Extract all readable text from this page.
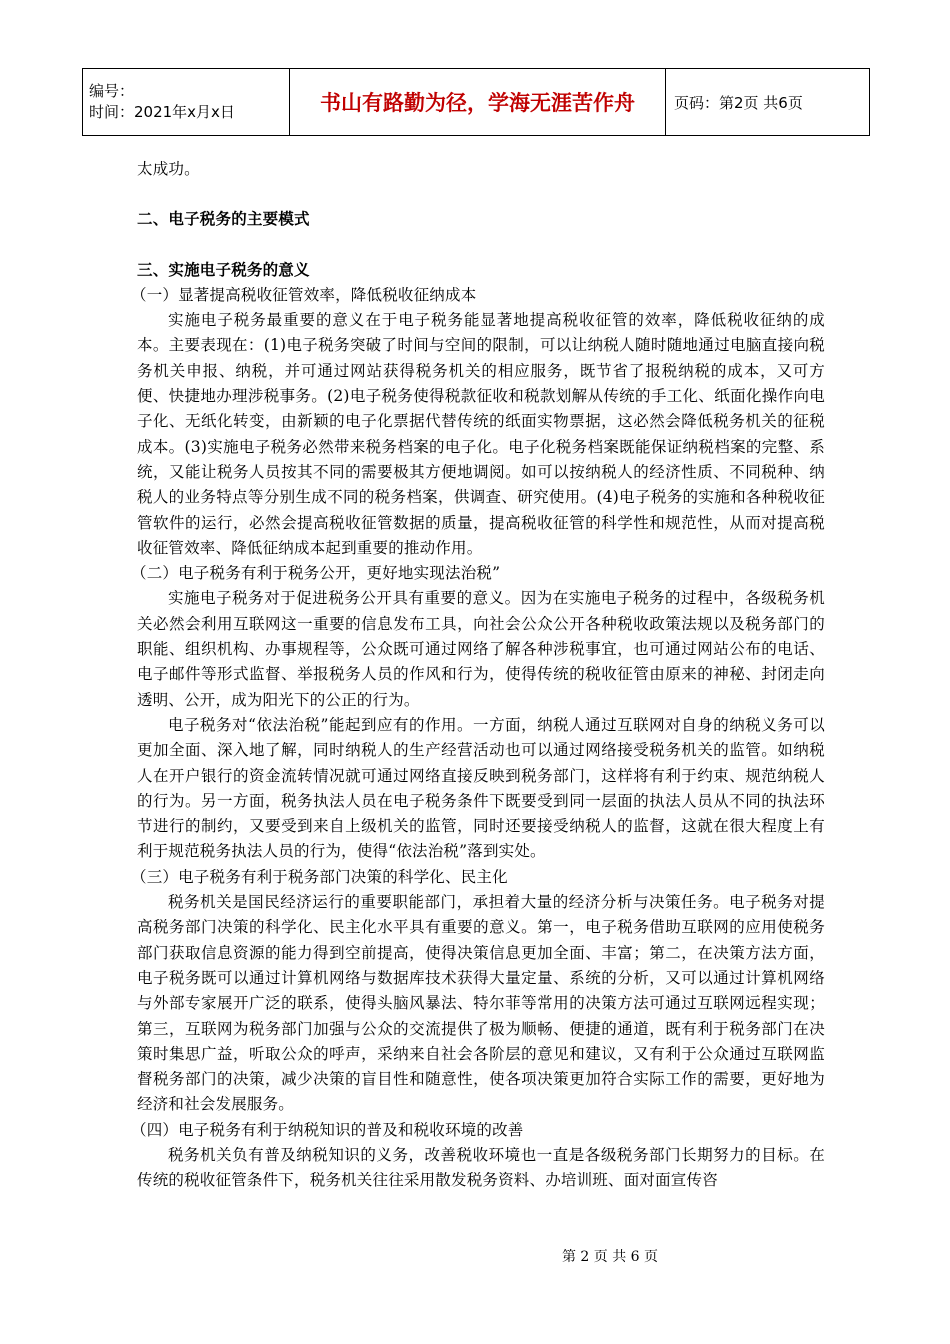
编号：
时间：2021年x月x日	书山有路勤为径，学海无涯苦作舟	页码：第2页 共6页

太成功。

二、电子税务的主要模式

三、实施电子税务的意义

（一）显著提高税收征管效率，降低税收征纳成本

实施电子税务最重要的意义在于电子税务能显著地提高税收征管的效率，降低税收征纳的成本。主要表现在：(1)电子税务突破了时间与空间的限制，可以让纳税人随时随地通过电脑直接向税务机关申报、纳税，并可通过网站获得税务机关的相应服务，既节省了报税纳税的成本，又可方便、快捷地办理涉税事务。(2)电子税务使得税款征收和税款划解从传统的手工化、纸面化操作向电子化、无纸化转变，由新颖的电子化票据代替传统的纸面实物票据，这必然会降低税务机关的征税成本。(3)实施电子税务必然带来税务档案的电子化。电子化税务档案既能保证纳税档案的完整、系统，又能让税务人员按其不同的需要极其方便地调阅。如可以按纳税人的经济性质、不同税种、纳税人的业务特点等分别生成不同的税务档案，供调查、研究使用。(4)电子税务的实施和各种税收征管软件的运行，必然会提高税收征管数据的质量，提高税收征管的科学性和规范性，从而对提高税收征管效率、降低征纳成本起到重要的推动作用。

（二）电子税务有利于税务公开，更好地实现法治税”

实施电子税务对于促进税务公开具有重要的意义。因为在实施电子税务的过程中，各级税务机关必然会利用互联网这一重要的信息发布工具，向社会公众公开各种税收政策法规以及税务部门的职能、组织机构、办事规程等，公众既可通过网络了解各种涉税事宜，也可通过网站公布的电话、电子邮件等形式监督、举报税务人员的作风和行为，使得传统的税收征管由原来的神秘、封闭走向透明、公开，成为阳光下的公正的行为。

电子税务对“依法治税”能起到应有的作用。一方面，纳税人通过互联网对自身的纳税义务可以更加全面、深入地了解，同时纳税人的生产经营活动也可以通过网络接受税务机关的监管。如纳税人在开户银行的资金流转情况就可通过网络直接反映到税务部门，这样将有利于约束、规范纳税人的行为。另一方面，税务执法人员在电子税务条件下既要受到同一层面的执法人员从不同的执法环节进行的制约，又要受到来自上级机关的监管，同时还要接受纳税人的监督，这就在很大程度上有利于规范税务执法人员的行为，使得“依法治税”落到实处。

（三）电子税务有利于税务部门决策的科学化、民主化

税务机关是国民经济运行的重要职能部门，承担着大量的经济分析与决策任务。电子税务对提高税务部门决策的科学化、民主化水平具有重要的意义。第一，电子税务借助互联网的应用使税务部门获取信息资源的能力得到空前提高，使得决策信息更加全面、丰富；第二，在决策方法方面，电子税务既可以通过计算机网络与数据库技术获得大量定量、系统的分析，又可以通过计算机网络与外部专家展开广泛的联系，使得头脑风暴法、特尔菲等常用的决策方法可通过互联网远程实现；第三，互联网为税务部门加强与公众的交流提供了极为顺畅、便捷的通道，既有利于税务部门在决策时集思广益，听取公众的呼声，采纳来自社会各阶层的意见和建议，又有利于公众通过互联网监督税务部门的决策，减少决策的盲目性和随意性，使各项决策更加符合实际工作的需要，更好地为经济和社会发展服务。

（四）电子税务有利于纳税知识的普及和税收环境的改善

税务机关负有普及纳税知识的义务，改善税收环境也一直是各级税务部门长期努力的目标。在传统的税收征管条件下，税务机关往往采用散发税务资料、办培训班、面对面宣传咨

第 2 页 共 6 页
